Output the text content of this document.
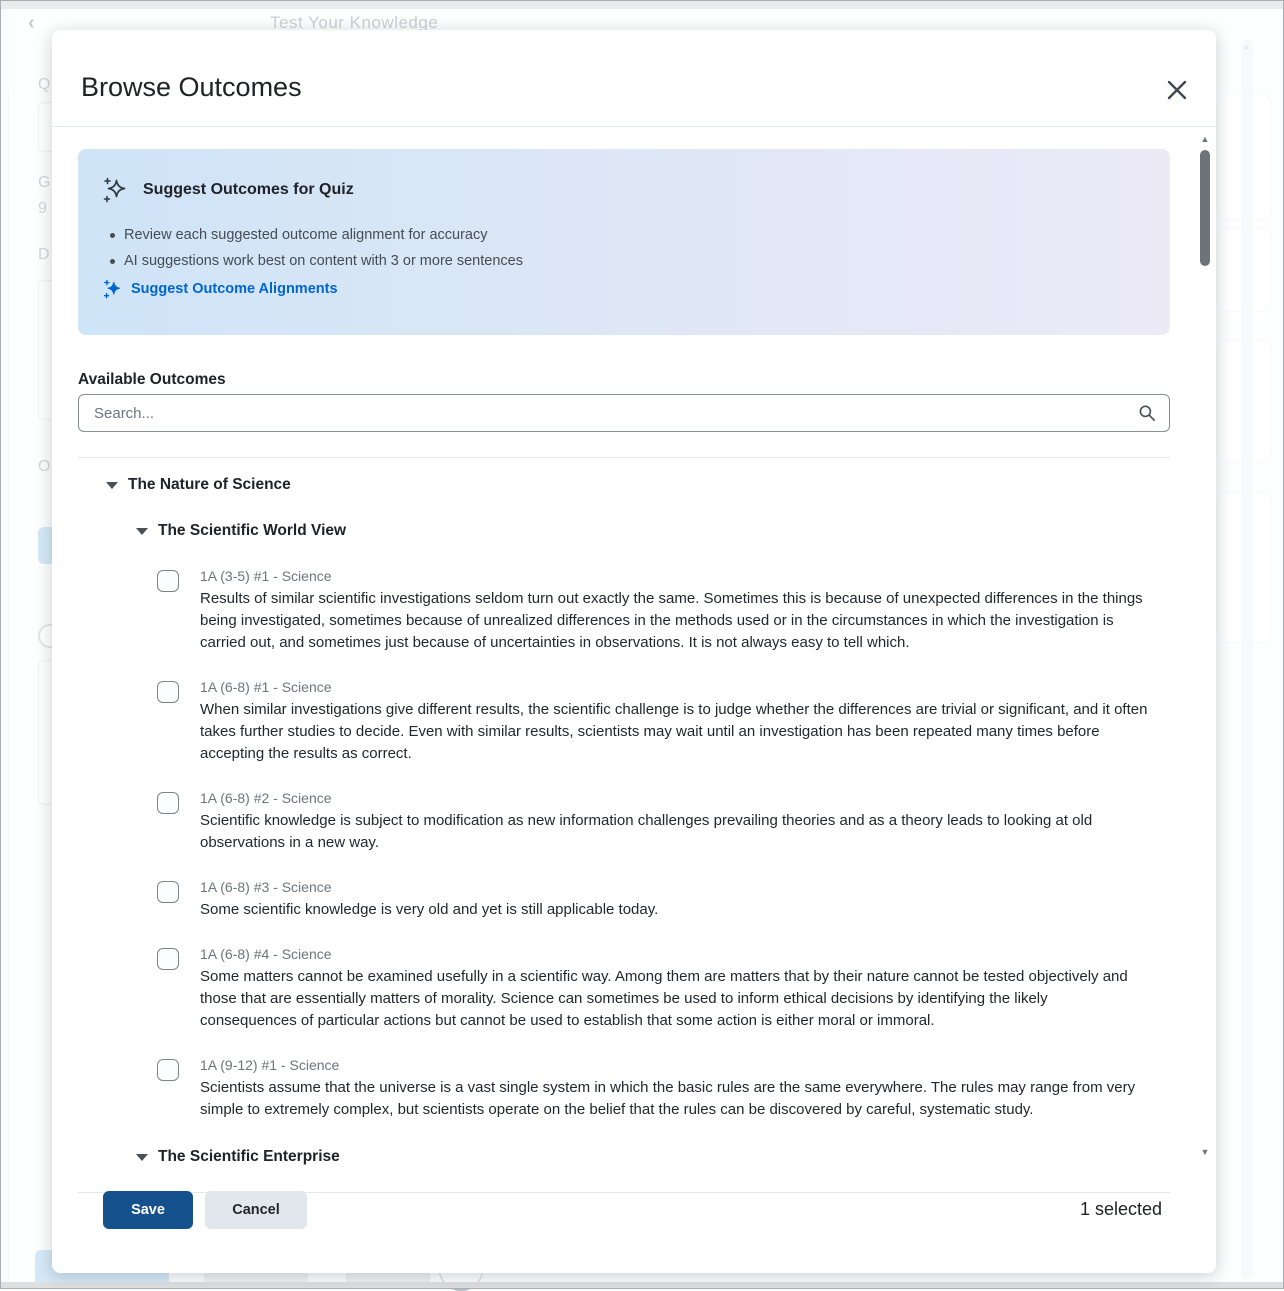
▲
Browse Outcomes
Suggest Outcomes for Quiz
Review each suggested outcome alignment for accuracy
AI suggestions work best on content with 3 or more sentences
Suggest Outcome Alignments
Available Outcomes
Search...
The Nature of Science
The Scientific World View
1A (3-5) #1 - Science
Results of similar scientific investigations seldom turn out exactly the same. Sometimes this is because of unexpected differences in the things being investigated, sometimes because of unrealized differences in the methods used or in the circumstances in which the investigation is carried out, and sometimes just because of uncertainties in observations. It is not always easy to tell which.
1A (6-8) #1 - Science
When similar investigations give different results, the scientific challenge is to judge whether the differences are trivial or significant, and it often takes further studies to decide. Even with similar results, scientists may wait until an investigation has been repeated many times before accepting the results as correct.
1A (6-8) #2 - Science
Scientific knowledge is subject to modification as new information challenges prevailing theories and as a theory leads to looking at old observations in a new way.
1A (6-8) #3 - Science
Some scientific knowledge is very old and yet is still applicable today.
1A (6-8) #4 - Science
Some matters cannot be examined usefully in a scientific way. Among them are matters that by their nature cannot be tested objectively and those that are essentially matters of morality. Science can sometimes be used to inform ethical decisions by identifying the likely consequences of particular actions but cannot be used to establish that some action is either moral or immoral.
1A (9-12) #1 - Science
Scientists assume that the universe is a vast single system in which the basic rules are the same everywhere. The rules may range from very simple to extremely complex, but scientists operate on the belief that the rules can be discovered by careful, systematic study.
The Scientific Enterprise
▲
▼
Save	Cancel	1 selected
